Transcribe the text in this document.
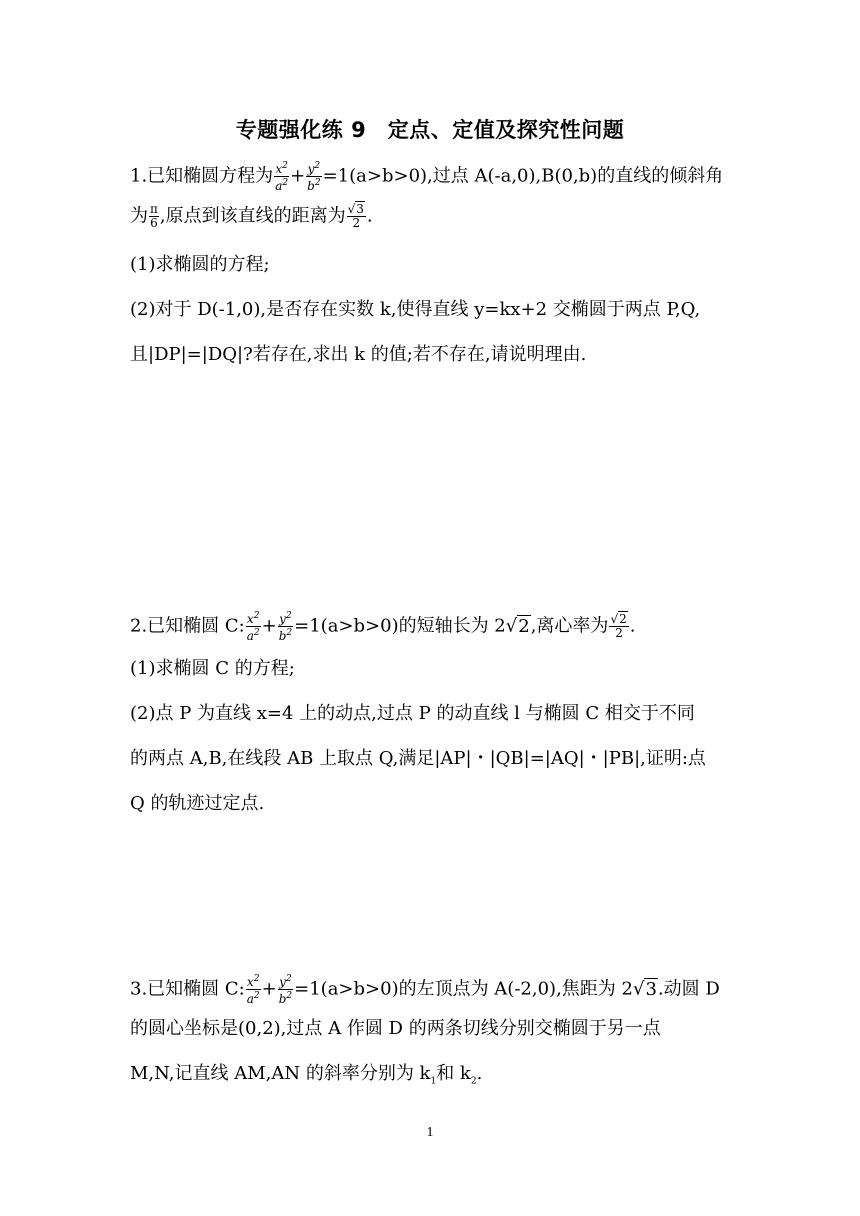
专题强化练 9　定点、定值及探究性问题
1.已知椭圆方程为 $\frac{x^2}{a^2} + \frac{y^2}{b^2} =1(a>b>0)$,过点 A(-a,0),B(0,b)的直线的倾斜角
为 $\frac{\pi}{6}$ ,原点到该直线的距离为 $\frac{√3}{2}$ .
(1)求椭圆的方程;
(2)对于 D(-1,0),是否存在实数 k,使得直线 y=kx+2 交椭圆于两点 P,Q,
且|DP|=|DQ|?若存在,求出 k 的值;若不存在,请说明理由.
2.已知椭圆 C: $\frac{x^2}{a^2} + \frac{y^2}{b^2} =1(a>b>0)$的短轴长为 2√2,离心率为 $\frac{√2}{2}$ .
(1)求椭圆 C 的方程;
(2)点 P 为直线 x=4 上的动点,过点 P 的动直线 l 与椭圆 C 相交于不同
的两点 A,B,在线段 AB 上取点 Q,满足|AP|・|QB|=|AQ|・|PB|,证明:点
Q 的轨迹过定点.
3.已知椭圆 C: $\frac{x^2}{a^2} + \frac{y^2}{b^2} =1(a>b>0)$的左顶点为 A(-2,0),焦距为 2√3.动圆 D
的圆心坐标是(0,2),过点 A 作圆 D 的两条切线分别交椭圆于另一点
M,N,记直线 AM,AN 的斜率分别为 $k_1$和 $k_2$.
1
